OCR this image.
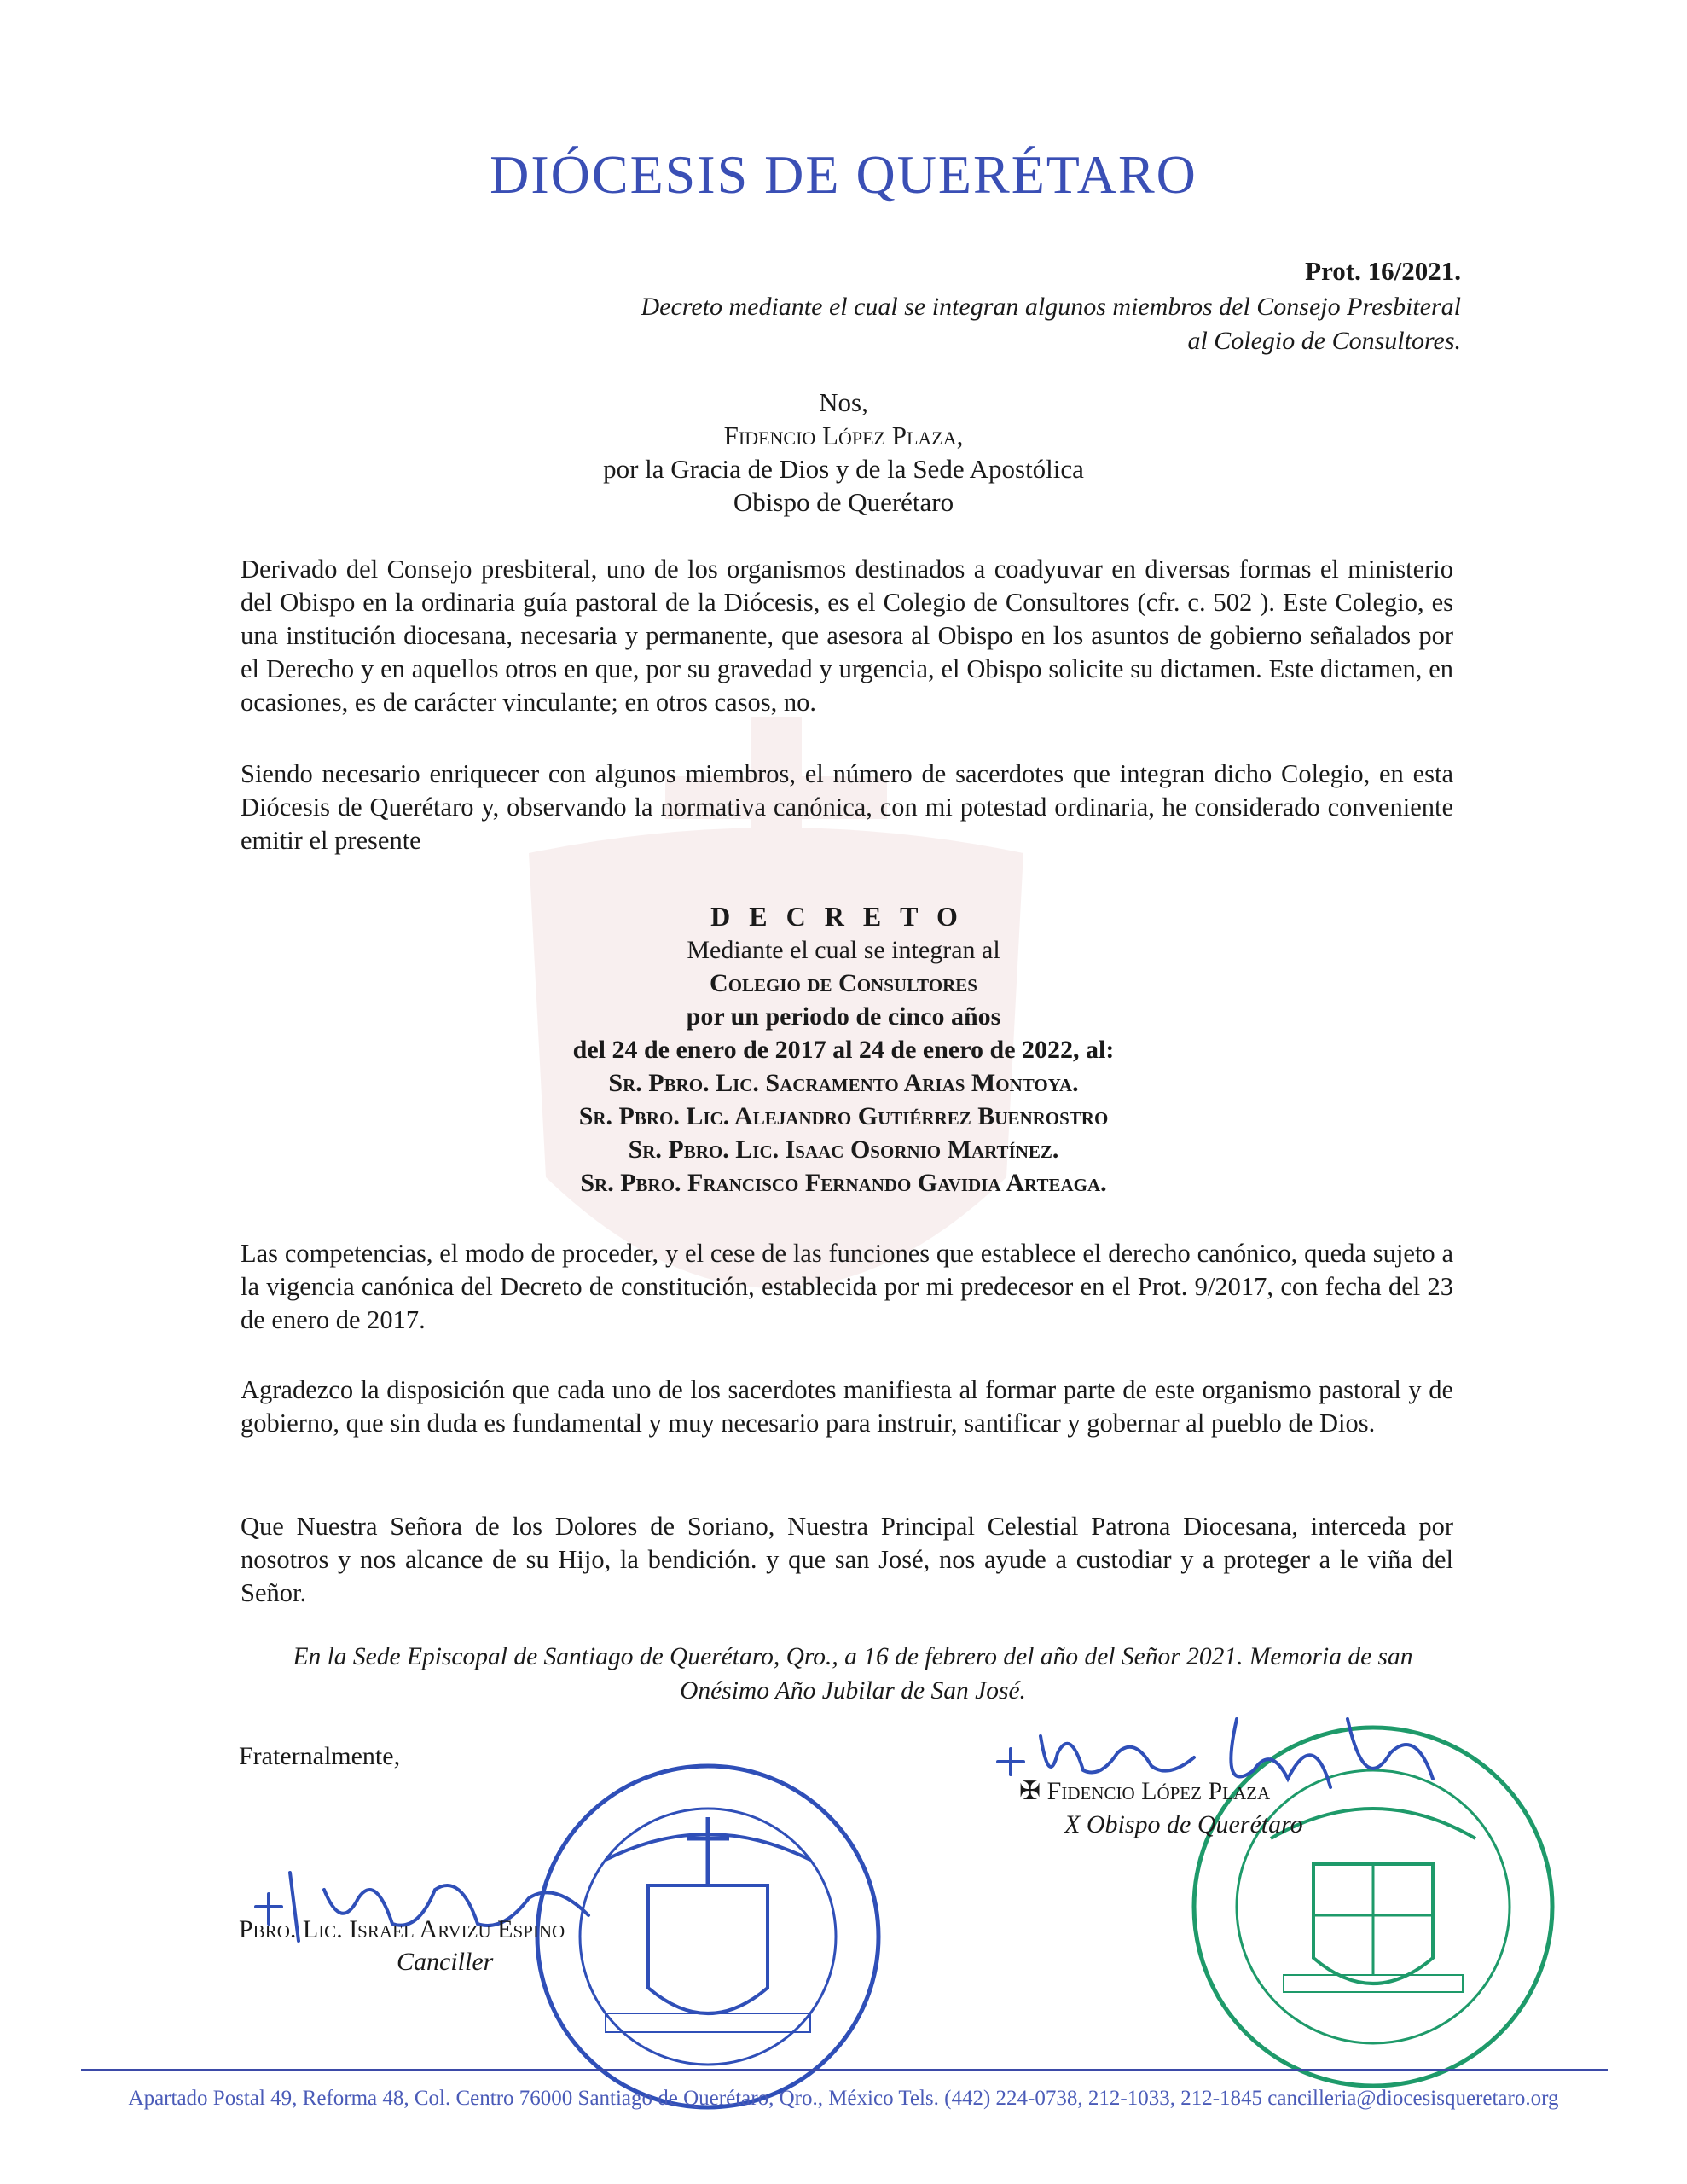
DIÓCESIS DE QUERÉTARO
Prot. 16/2021.
Decreto mediante el cual se integran algunos miembros del Consejo Presbiteral
al Colegio de Consultores.
Nos,
Fidencio López Plaza,
por la Gracia de Dios y de la Sede Apostólica
Obispo de Querétaro
Derivado del Consejo presbiteral, uno de los organismos destinados a coadyuvar en diversas formas el ministerio del Obispo en la ordinaria guía pastoral de la Diócesis, es el Colegio de Consultores (cfr. c. 502 ). Este Colegio, es una institución diocesana, necesaria y permanente, que asesora al Obispo en los asuntos de gobierno señalados por el Derecho y en aquellos otros en que, por su gravedad y urgencia, el Obispo solicite su dictamen. Este dictamen, en ocasiones, es de carácter vinculante; en otros casos, no.
Siendo necesario enriquecer con algunos miembros, el número de sacerdotes que integran dicho Colegio, en esta Diócesis de Querétaro y, observando la normativa canónica, con mi potestad ordinaria, he considerado conveniente emitir el presente
DECRETO
Mediante el cual se integran al
Colegio de Consultores
por un periodo de cinco años
del 24 de enero de 2017 al 24 de enero de 2022, al:
Sr. Pbro. Lic. Sacramento Arias Montoya.
Sr. Pbro. Lic. Alejandro Gutiérrez Buenrostro
Sr. Pbro. Lic. Isaac Osornio Martínez.
Sr. Pbro. Francisco Fernando Gavidia Arteaga.
Las competencias, el modo de proceder, y el cese de las funciones que establece el derecho canónico, queda sujeto a la vigencia canónica del Decreto de constitución, establecida por mi predecesor en el Prot. 9/2017, con fecha del 23 de enero de 2017.
Agradezco la disposición que cada uno de los sacerdotes manifiesta al formar parte de este organismo pastoral y de gobierno, que sin duda es fundamental y muy necesario para instruir, santificar y gobernar al pueblo de Dios.
Que Nuestra Señora de los Dolores de Soriano, Nuestra Principal Celestial Patrona Diocesana, interceda por nosotros y nos alcance de su Hijo, la bendición. y que san José, nos ayude a custodiar y a proteger a le viña del Señor.
En la Sede Episcopal de Santiago de Querétaro, Qro., a 16 de febrero del año del Señor 2021. Memoria de san
Onésimo Año Jubilar de San José.
Fraternalmente,
✠ Fidencio López Plaza
X Obispo de Querétaro
Pbro. Lic. Israel Arvizu Espino
Canciller
Apartado Postal 49, Reforma 48, Col. Centro 76000 Santiago de Querétaro, Qro., México Tels. (442) 224-0738, 212-1033, 212-1845 cancilleria@diocesisqueretaro.org
